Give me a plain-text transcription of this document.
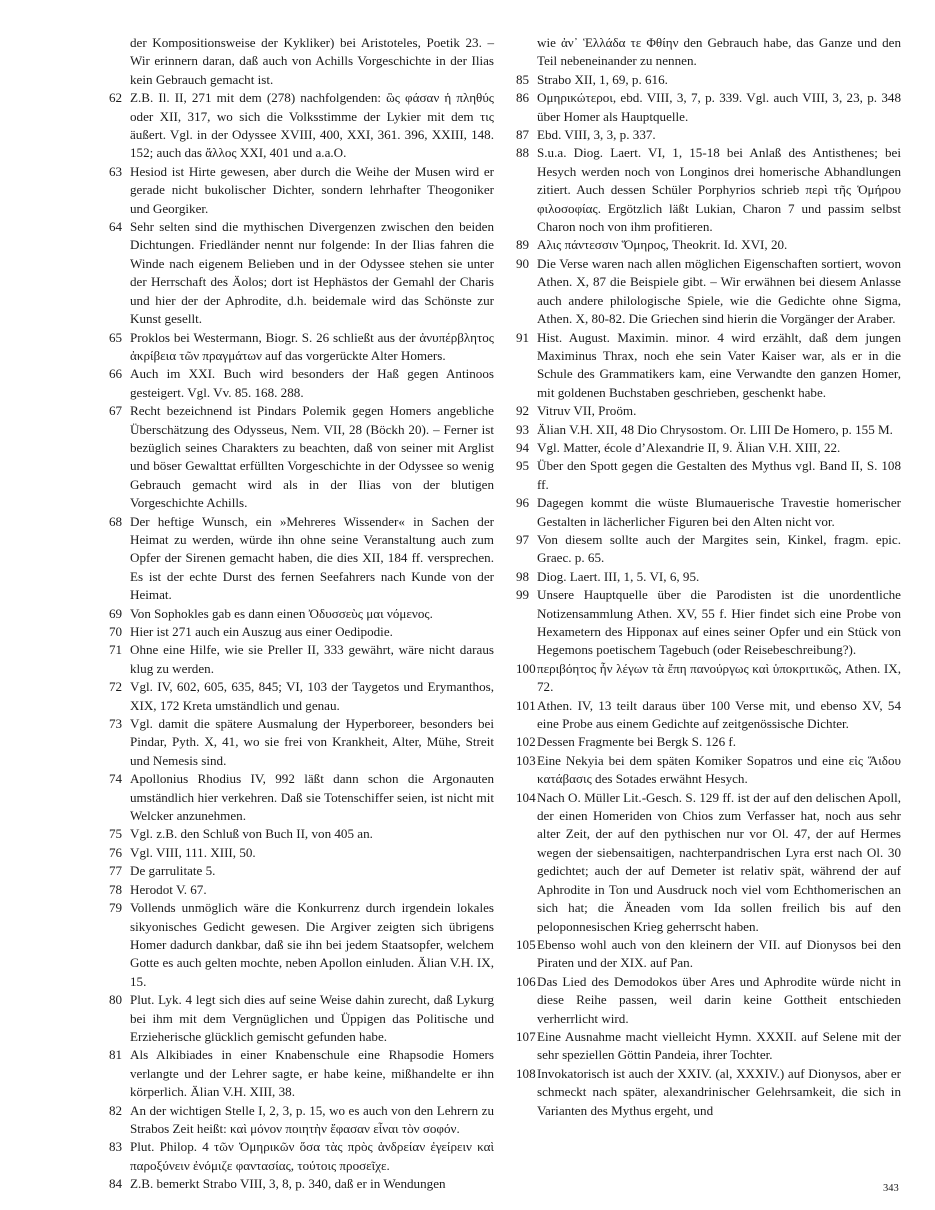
der Kompositionsweise der Kykliker) bei Aristoteles, Poetik 23. – Wir erinnern daran, daß auch von Achills Vorgeschichte in der Ilias kein Gebrauch gemacht ist.

62 Z.B. Il. II, 271 mit dem (278) nachfolgenden: ὣς φάσαν ἡ πληθύς oder XII, 317, wo sich die Volksstimme der Lykier mit dem τις äußert. Vgl. in der Odyssee XVIII, 400, XXI, 361. 396, XXIII, 148. 152; auch das ἄλλος XXI, 401 und a.a.O.

63 Hesiod ist Hirte gewesen, aber durch die Weihe der Musen wird er gerade nicht bukolischer Dichter, sondern lehrhafter Theogoniker und Georgiker.

64 Sehr selten sind die mythischen Divergenzen zwischen den beiden Dichtungen. Friedländer nennt nur folgende: In der Ilias fahren die Winde nach eigenem Belieben und in der Odyssee stehen sie unter der Herrschaft des Äolos; dort ist Hephästos der Gemahl der Charis und hier der der Aphrodite, d.h. beidemale wird das Schönste zur Kunst gesellt.

65 Proklos bei Westermann, Biogr. S. 26 schließt aus der ἀνυπέρβλητος ἀκρίβεια τῶν πραγμάτων auf das vorgerückte Alter Homers.

66 Auch im XXI. Buch wird besonders der Haß gegen Antinoos gesteigert. Vgl. Vv. 85. 168. 288.

67 Recht bezeichnend ist Pindars Polemik gegen Homers angebliche Überschätzung des Odysseus, Nem. VII, 28 (Böckh 20). – Ferner ist bezüglich seines Charakters zu beachten, daß von seiner mit Arglist und böser Gewalttat erfüllten Vorgeschichte in der Odyssee so wenig Gebrauch gemacht wird als in der Ilias von der blutigen Vorgeschichte Achills.

68 Der heftige Wunsch, ein »Mehreres Wissender« in Sachen der Heimat zu werden, würde ihn ohne seine Veranstaltung auch zum Opfer der Sirenen gemacht haben, die dies XII, 184 ff. versprechen. Es ist der echte Durst des fernen Seefahrers nach Kunde von der Heimat.

69 Von Sophokles gab es dann einen Ὀδυσσεὺς μαι νόμενος.

70 Hier ist 271 auch ein Auszug aus einer Oedipodie.

71 Ohne eine Hilfe, wie sie Preller II, 333 gewährt, wäre nicht daraus klug zu werden.

72 Vgl. IV, 602, 605, 635, 845; VI, 103 der Taygetos und Erymanthos, XIX, 172 Kreta umständlich und genau.

73 Vgl. damit die spätere Ausmalung der Hyperboreer, besonders bei Pindar, Pyth. X, 41, wo sie frei von Krankheit, Alter, Mühe, Streit und Nemesis sind.

74 Apollonius Rhodius IV, 992 läßt dann schon die Argonauten umständlich hier verkehren. Daß sie Totenschiffer seien, ist nicht mit Welcker anzunehmen.

75 Vgl. z.B. den Schluß von Buch II, von 405 an.

76 Vgl. VIII, 111. XIII, 50.

77 De garrulitate 5.

78 Herodot V. 67.

79 Vollends unmöglich wäre die Konkurrenz durch irgendein lokales sikyonisches Gedicht gewesen. Die Argiver zeigten sich übrigens Homer dadurch dankbar, daß sie ihn bei jedem Staatsopfer, welchem Gotte es auch gelten mochte, neben Apollon einluden. Älian V.H. IX, 15.

80 Plut. Lyk. 4 legt sich dies auf seine Weise dahin zurecht, daß Lykurg bei ihm mit dem Vergnüglichen und Üppigen das Politische und Erzieherische glücklich gemischt gefunden habe.

81 Als Alkibiades in einer Knabenschule eine Rhapsodie Homers verlangte und der Lehrer sagte, er habe keine, mißhandelte er ihn körperlich. Älian V.H. XIII, 38.

82 An der wichtigen Stelle I, 2, 3, p. 15, wo es auch von den Lehrern zu Strabos Zeit heißt: καὶ μόνον ποιητὴν ἔφασαν εἶναι τὸν σοφόν.

83 Plut. Philop. 4 τῶν Ὁμηρικῶν ὅσα τὰς πρὸς ἀνδρείαν ἐγείρειν καὶ παροξύνειν ἐνόμιζε φαντασίας, τούτοις προσεῖχε.

84 Z.B. bemerkt Strabo VIII, 3, 8, p. 340, daß er in Wendungen

wie ἀν᾽ Ἑλλάδα τε Φθίην den Gebrauch habe, das Ganze und den Teil nebeneinander zu nennen.

85 Strabo XII, 1, 69, p. 616.

86 Ομηρικώτεροι, ebd. VIII, 3, 7, p. 339. Vgl. auch VIII, 3, 23, p. 348 über Homer als Hauptquelle.

87 Ebd. VIII, 3, 3, p. 337.

88 S.u.a. Diog. Laert. VI, 1, 15-18 bei Anlaß des Antisthenes; bei Hesych werden noch von Longinos drei homerische Abhandlungen zitiert. Auch dessen Schüler Porphyrios schrieb περὶ τῆς Ὁμήρου φιλοσοφίας. Ergötzlich läßt Lukian, Charon 7 und passim selbst Charon noch von ihm profitieren.

89 Αλις πάντεσσιν Ὅμηρος, Theokrit. Id. XVI, 20.

90 Die Verse waren nach allen möglichen Eigenschaften sortiert, wovon Athen. X, 87 die Beispiele gibt. – Wir erwähnen bei diesem Anlasse auch andere philologische Spiele, wie die Gedichte ohne Sigma, Athen. X, 80-82. Die Griechen sind hierin die Vorgänger der Araber.

91 Hist. August. Maximin. minor. 4 wird erzählt, daß dem jungen Maximinus Thrax, noch ehe sein Vater Kaiser war, als er in die Schule des Grammatikers kam, eine Verwandte den ganzen Homer, mit goldenen Buchstaben geschrieben, geschenkt habe.

92 Vitruv VII, Proöm.

93 Älian V.H. XII, 48 Dio Chrysostom. Or. LIII De Homero, p. 155 M.

94 Vgl. Matter, école d’Alexandrie II, 9. Älian V.H. XIII, 22.

95 Über den Spott gegen die Gestalten des Mythus vgl. Band II, S. 108 ff.

96 Dagegen kommt die wüste Blumauerische Travestie homerischer Gestalten in lächerlicher Figuren bei den Alten nicht vor.

97 Von diesem sollte auch der Margites sein, Kinkel, fragm. epic. Graec. p. 65.

98 Diog. Laert. III, 1, 5. VI, 6, 95.

99 Unsere Hauptquelle über die Parodisten ist die unordentliche Notizensammlung Athen. XV, 55 f. Hier findet sich eine Probe von Hexametern des Hipponax auf eines seiner Opfer und ein Stück von Hegemons poetischem Tagebuch (oder Reisebeschreibung?).

100περιβόητος ἦν λέγων τὰ ἔπη πανούργως καὶ ὑποκριτικῶς, Athen. IX, 72.

101Athen. IV, 13 teilt daraus über 100 Verse mit, und ebenso XV, 54 eine Probe aus einem Gedichte auf zeitgenössische Dichter.

102Dessen Fragmente bei Bergk S. 126 f.

103Eine Nekyia bei dem späten Komiker Sopatros und eine εἰς Ἅιδου κατάβασις des Sotades erwähnt Hesych.

104Nach O. Müller Lit.-Gesch. S. 129 ff. ist der auf den delischen Apoll, der einen Homeriden von Chios zum Verfasser hat, noch aus sehr alter Zeit, der auf den pythischen nur vor Ol. 47, der auf Hermes wegen der siebensaitigen, nachterpandrischen Lyra erst nach Ol. 30 gedichtet; auch der auf Demeter ist relativ spät, während der auf Aphrodite in Ton und Ausdruck noch viel vom Echthomerischen an sich hat; die Äneaden vom Ida sollen freilich bis auf den peloponnesischen Krieg geherrscht haben.

105Ebenso wohl auch von den kleinern der VII. auf Dionysos bei den Piraten und der XIX. auf Pan.

106Das Lied des Demodokos über Ares und Aphrodite würde nicht in diese Reihe passen, weil darin keine Gottheit entschieden verherrlicht wird.

107Eine Ausnahme macht vielleicht Hymn. XXXII. auf Selene mit der sehr speziellen Göttin Pandeia, ihrer Tochter.

108Invokatorisch ist auch der XXIV. (al, XXXIV.) auf Dionysos, aber er schmeckt nach später, alexandrinischer Gelehrsamkeit, die sich in Varianten des Mythus ergeht, und

343
